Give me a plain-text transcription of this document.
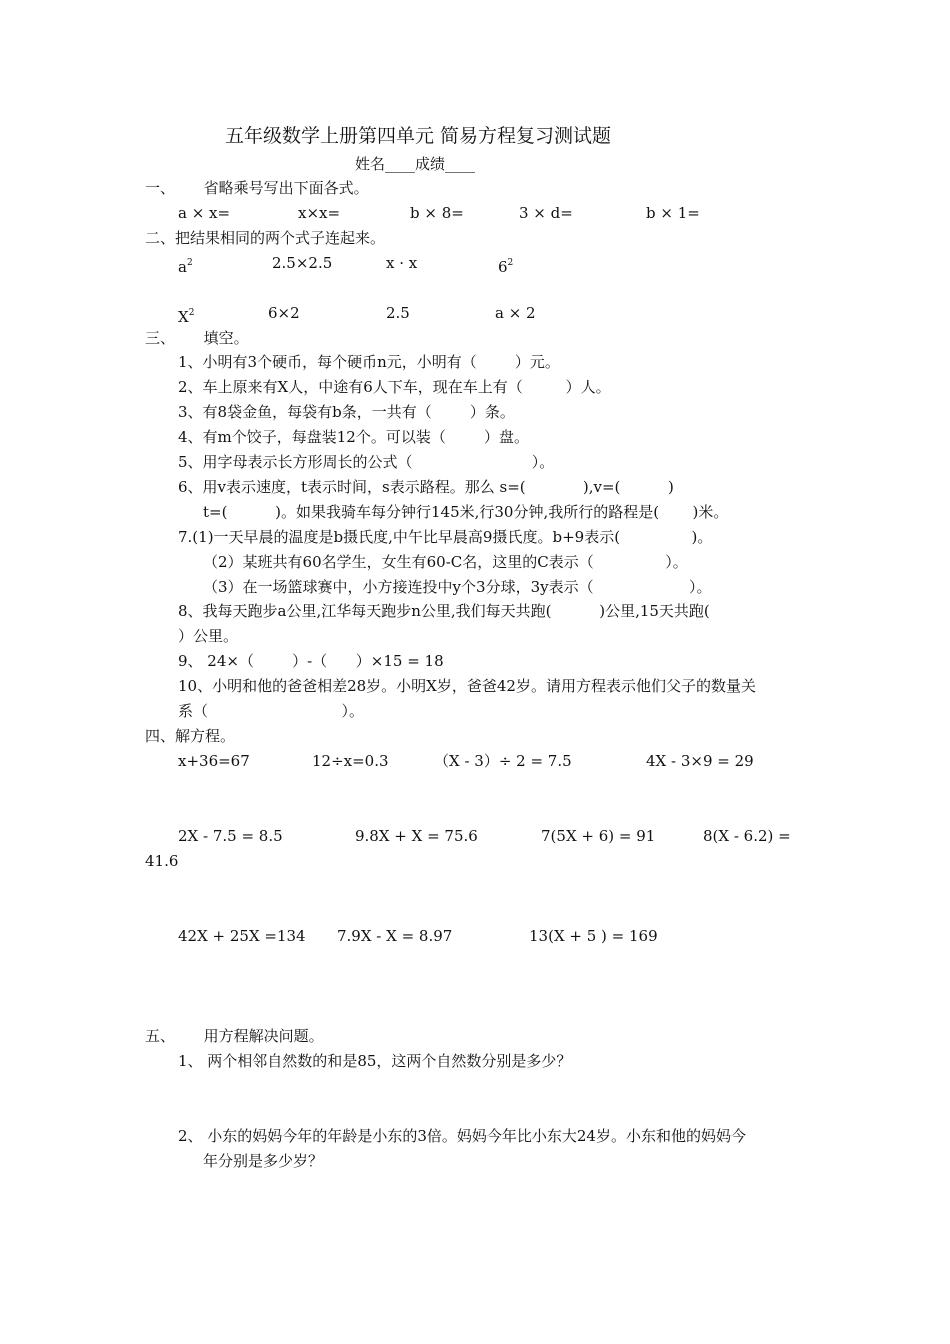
五年级数学上册第四单元 简易方程复习测试题
姓名____成绩____
一、      省略乘号写出下面各式。
a × x=	x×x=	b × 8=	3 × d=	b × 1=
二、把结果相同的两个式子连起来。
$a^2$	2.5×2.5	x · x	$6^2$
$X^2$	6×2	2.5	a × 2
三、      填空。
1、小明有3个硬币，每个硬币n元，小明有（        ）元。
2、车上原来有X人，中途有6人下车，现在车上有（         ）人。
3、有8袋金鱼，每袋有b条，一共有（        ）条。
4、有m个饺子，每盘装12个。可以装（        ）盘。
5、用字母表示长方形周长的公式（                         ）。
6、用v表示速度，t表示时间，s表示路程。那么 s=(            ),v=(          )
t=(          )。如果我骑车每分钟行145米,行30分钟,我所行的路程是(       )米。
7.(1)一天早晨的温度是b摄氏度,中午比早晨高9摄氏度。b+9表示(               )。
（2）某班共有60名学生，女生有60-C名，这里的C表示（               ）。
（3）在一场篮球赛中，小方接连投中y个3分球，3y表示（                    ）。
8、我每天跑步a公里,江华每天跑步n公里,我们每天共跑(          )公里,15天共跑(
）公里。
9、 24×（        ）-（      ）×15 = 18
10、小明和他的爸爸相差28岁。小明X岁，爸爸42岁。请用方程表示他们父子的数量关
系（                            ）。
四、解方程。
x+36=67	12÷x=0.3	（X - 3）÷ 2 = 7.5	4X - 3×9 = 29
2X - 7.5 = 8.5	9.8X + X = 75.6	7(5X + 6) = 91	8(X - 6.2) =
41.6
42X + 25X =134 7.9X - X = 8.97	13(X + 5 ) = 169
五、      用方程解决问题。
1、 两个相邻自然数的和是85，这两个自然数分别是多少？
2、 小东的妈妈今年的年龄是小东的3倍。妈妈今年比小东大24岁。小东和他的妈妈今
年分别是多少岁？
